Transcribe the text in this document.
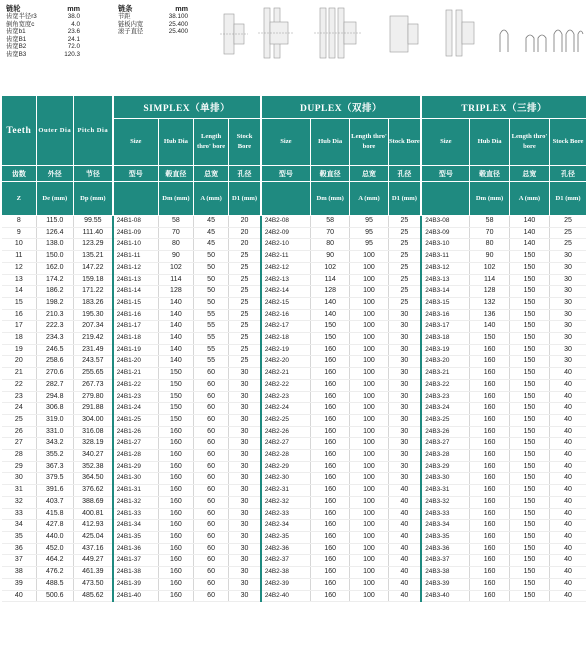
链轮	mm
齿宽半径r3	38.0
倒角宽度c	4.0
齿宽b1	23.6
齿宽B1	24.1
齿宽B2	72.0
齿宽B3	120.3
链条	mm
节距	38.100
链板内宽	25.400
滚子直径	25.400
Teeth	Outer Dia	Pitch Dia	SIMPLEX（单排）				DUPLEX（双排）				TRIPLEX（三排）			
			Size	Hub Dia	Length thro' bore	Stock Bore	Size	Hub Dia	Length thro' bore	Stock Bore	Size	Hub Dia	Length thro' bore	Stock Bore
齿数	外径	节径	型号	毂直径	总宽	孔径	型号	毂直径	总宽	孔径	型号	毂直径	总宽	孔径
Z	De (mm)	Dp (mm)		Dm (mm)	A (mm)	D1 (mm)		Dm (mm)	A (mm)	D1 (mm)		Dm (mm)	A (mm)	D1 (mm)
8	115.0	99.55	24B1-08	58	45	20	24B2-08	58	95	25	24B3-08	58	140	25
9	126.4	111.40	24B1-09	70	45	20	24B2-09	70	95	25	24B3-09	70	140	25
10	138.0	123.29	24B1-10	80	45	20	24B2-10	80	95	25	24B3-10	80	140	25
11	150.0	135.21	24B1-11	90	50	25	24B2-11	90	100	25	24B3-11	90	150	30
12	162.0	147.22	24B1-12	102	50	25	24B2-12	102	100	25	24B3-12	102	150	30
13	174.2	159.18	24B1-13	114	50	25	24B2-13	114	100	25	24B3-13	114	150	30
14	186.2	171.22	24B1-14	128	50	25	24B2-14	128	100	25	24B3-14	128	150	30
15	198.2	183.26	24B1-15	140	50	25	24B2-15	140	100	25	24B3-15	132	150	30
16	210.3	195.30	24B1-16	140	55	25	24B2-16	140	100	30	24B3-16	136	150	30
17	222.3	207.34	24B1-17	140	55	25	24B2-17	150	100	30	24B3-17	140	150	30
18	234.3	219.42	24B1-18	140	55	25	24B2-18	150	100	30	24B3-18	150	150	30
19	246.5	231.49	24B1-19	140	55	25	24B2-19	160	100	30	24B3-19	160	150	30
20	258.6	243.57	24B1-20	140	55	25	24B2-20	160	100	30	24B3-20	160	150	30
21	270.6	255.65	24B1-21	150	60	30	24B2-21	160	100	30	24B3-21	160	150	40
22	282.7	267.73	24B1-22	150	60	30	24B2-22	160	100	30	24B3-22	160	150	40
23	294.8	279.80	24B1-23	150	60	30	24B2-23	160	100	30	24B3-23	160	150	40
24	306.8	291.88	24B1-24	150	60	30	24B2-24	160	100	30	24B3-24	160	150	40
25	319.0	304.00	24B1-25	150	60	30	24B2-25	160	100	30	24B3-25	160	150	40
26	331.0	316.08	24B1-26	160	60	30	24B2-26	160	100	30	24B3-26	160	150	40
27	343.2	328.19	24B1-27	160	60	30	24B2-27	160	100	30	24B3-27	160	150	40
28	355.2	340.27	24B1-28	160	60	30	24B2-28	160	100	30	24B3-28	160	150	40
29	367.3	352.38	24B1-29	160	60	30	24B2-29	160	100	30	24B3-29	160	150	40
30	379.5	364.50	24B1-30	160	60	30	24B2-30	160	100	30	24B3-30	160	150	40
31	391.6	376.62	24B1-31	160	60	30	24B2-31	160	100	40	24B3-31	160	150	40
32	403.7	388.69	24B1-32	160	60	30	24B2-32	160	100	40	24B3-32	160	150	40
33	415.8	400.81	24B1-33	160	60	30	24B2-33	160	100	40	24B3-33	160	150	40
34	427.8	412.93	24B1-34	160	60	30	24B2-34	160	100	40	24B3-34	160	150	40
35	440.0	425.04	24B1-35	160	60	30	24B2-35	160	100	40	24B3-35	160	150	40
36	452.0	437.16	24B1-36	160	60	30	24B2-36	160	100	40	24B3-36	160	150	40
37	464.2	449.27	24B1-37	160	60	30	24B2-37	160	100	40	24B3-37	160	150	40
38	476.2	461.39	24B1-38	160	60	30	24B2-38	160	100	40	24B3-38	160	150	40
39	488.5	473.50	24B1-39	160	60	30	24B2-39	160	100	40	24B3-39	160	150	40
40	500.6	485.62	24B1-40	160	60	30	24B2-40	160	100	40	24B3-40	160	150	40
